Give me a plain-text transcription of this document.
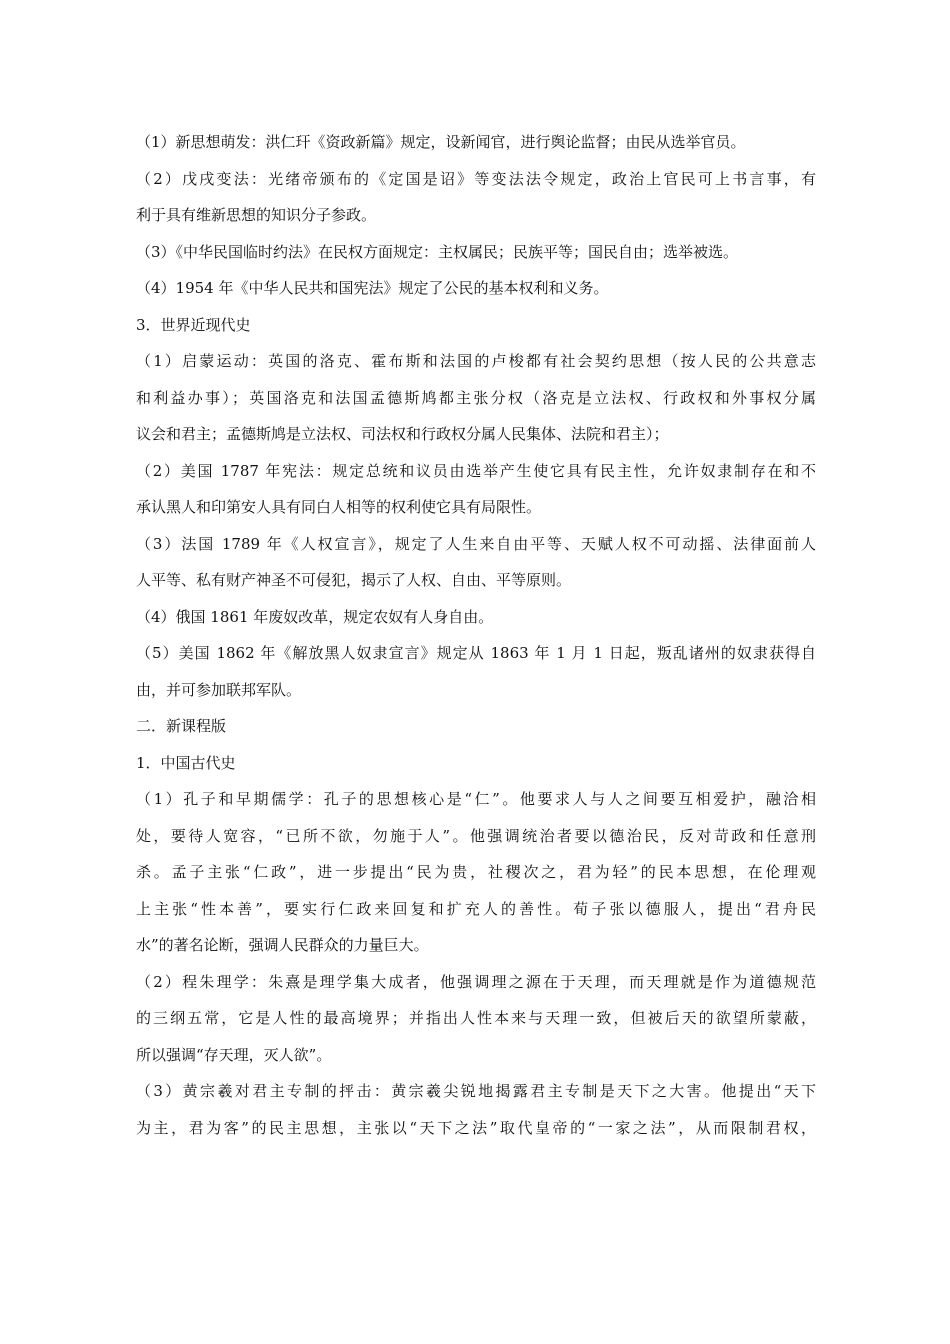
（1）新思想萌发：洪仁玕《资政新篇》规定，设新闻官，进行舆论监督；由民从选举官员。
（2）戊戌变法：光绪帝颁布的《定国是诏》等变法法令规定，政治上官民可上书言事，有
利于具有维新思想的知识分子参政。
（3）《中华民国临时约法》在民权方面规定：主权属民；民族平等；国民自由；选举被选。
（4）1954 年《中华人民共和国宪法》规定了公民的基本权利和义务。
3．世界近现代史
（1）启蒙运动：英国的洛克、霍布斯和法国的卢梭都有社会契约思想（按人民的公共意志
和利益办事）；英国洛克和法国孟德斯鸠都主张分权（洛克是立法权、行政权和外事权分属
议会和君主；孟德斯鸠是立法权、司法权和行政权分属人民集体、法院和君主）；
（2）美国 1787 年宪法：规定总统和议员由选举产生使它具有民主性，允许奴隶制存在和不
承认黑人和印第安人具有同白人相等的权利使它具有局限性。
（3）法国 1789 年《人权宣言》，规定了人生来自由平等、天赋人权不可动摇、法律面前人
人平等、私有财产神圣不可侵犯，揭示了人权、自由、平等原则。
（4）俄国 1861 年废奴改革，规定农奴有人身自由。
（5）美国 1862 年《解放黑人奴隶宣言》规定从 1863 年 1 月 1 日起，叛乱诸州的奴隶获得自
由，并可参加联邦军队。
二．新课程版
1．中国古代史
（1）孔子和早期儒学：孔子的思想核心是“仁”。他要求人与人之间要互相爱护，融洽相
处，要待人宽容，“已所不欲，勿施于人”。他强调统治者要以德治民，反对苛政和任意刑
杀。孟子主张“仁政”，进一步提出“民为贵，社稷次之，君为轻”的民本思想，在伦理观
上主张“性本善”，要实行仁政来回复和扩充人的善性。荀子张以德服人，提出“君舟民
水”的著名论断，强调人民群众的力量巨大。
（2）程朱理学：朱熹是理学集大成者，他强调理之源在于天理，而天理就是作为道德规范
的三纲五常，它是人性的最高境界；并指出人性本来与天理一致，但被后天的欲望所蒙蔽，
所以强调“存天理，灭人欲”。
（3）黄宗羲对君主专制的抨击：黄宗羲尖锐地揭露君主专制是天下之大害。他提出“天下
为主，君为客”的民主思想，主张以“天下之法”取代皇帝的“一家之法”，从而限制君权，
